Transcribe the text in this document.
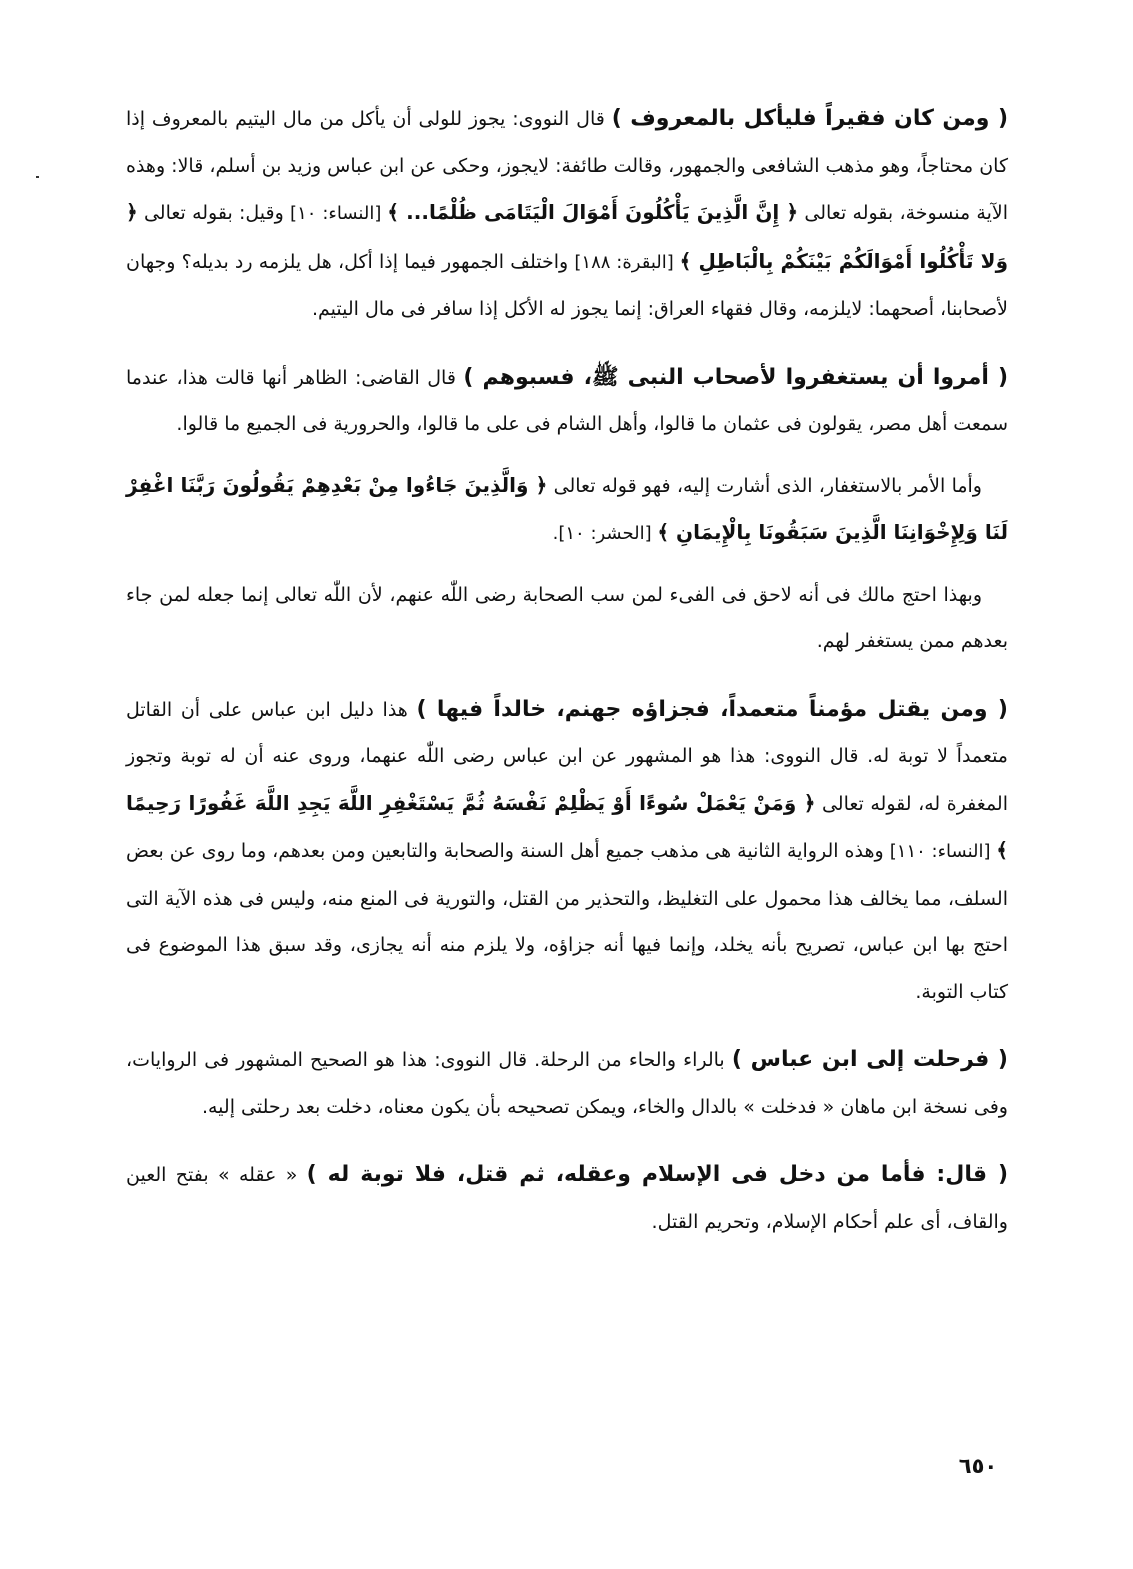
( ومن كان فقيراً فليأكل بالمعروف ) قال النووى: يجوز للولى أن يأكل من مال اليتيم بالمعروف إذا كان محتاجاً، وهو مذهب الشافعى والجمهور، وقالت طائفة: لايجوز، وحكى عن ابن عباس وزيد بن أسلم، قالا: وهذه الآية منسوخة، بقوله تعالى ﴿ إِنَّ الَّذِينَ يَأْكُلُونَ أَمْوَالَ الْيَتَامَى ظُلْمًا... ﴾ [النساء: ١٠] وقيل: بقوله تعالى ﴿ وَلا تَأْكُلُوا أَمْوَالَكُمْ بَيْنَكُمْ بِالْبَاطِلِ ﴾ [البقرة: ١٨٨] واختلف الجمهور فيما إذا أكل، هل يلزمه رد بديله؟ وجهان لأصحابنا، أصحهما: لايلزمه، وقال فقهاء العراق: إنما يجوز له الأكل إذا سافر فى مال اليتيم.

( أمروا أن يستغفروا لأصحاب النبى ﷺ، فسبوهم ) قال القاضى: الظاهر أنها قالت هذا، عندما سمعت أهل مصر، يقولون فى عثمان ما قالوا، وأهل الشام فى على ما قالوا، والحرورية فى الجميع ما قالوا.

وأما الأمر بالاستغفار، الذى أشارت إليه، فهو قوله تعالى ﴿ وَالَّذِينَ جَاءُوا مِنْ بَعْدِهِمْ يَقُولُونَ رَبَّنَا اغْفِرْ لَنَا وَلِإِخْوَانِنَا الَّذِينَ سَبَقُونَا بِالْإِيمَانِ ﴾ [الحشر: ١٠].

وبهذا احتج مالك فى أنه لاحق فى الفىء لمن سب الصحابة رضى اللّٰه عنهم، لأن اللّٰه تعالى إنما جعله لمن جاء بعدهم ممن يستغفر لهم.

( ومن يقتل مؤمناً متعمداً، فجزاؤه جهنم، خالداً فيها ) هذا دليل ابن عباس على أن القاتل متعمداً لا توبة له. قال النووى: هذا هو المشهور عن ابن عباس رضى اللّٰه عنهما، وروى عنه أن له توبة وتجوز المغفرة له، لقوله تعالى ﴿ وَمَنْ يَعْمَلْ سُوءًا أَوْ يَظْلِمْ نَفْسَهُ ثُمَّ يَسْتَغْفِرِ اللَّهَ يَجِدِ اللَّهَ غَفُورًا رَحِيمًا ﴾ [النساء: ١١٠] وهذه الرواية الثانية هى مذهب جميع أهل السنة والصحابة والتابعين ومن بعدهم، وما روى عن بعض السلف، مما يخالف هذا محمول على التغليظ، والتحذير من القتل، والتورية فى المنع منه، وليس فى هذه الآية التى احتج بها ابن عباس، تصريح بأنه يخلد، وإنما فيها أنه جزاؤه، ولا يلزم منه أنه يجازى، وقد سبق هذا الموضوع فى كتاب التوبة.

( فرحلت إلى ابن عباس ) بالراء والحاء من الرحلة. قال النووى: هذا هو الصحيح المشهور فى الروايات، وفى نسخة ابن ماهان « فدخلت » بالدال والخاء، ويمكن تصحيحه بأن يكون معناه، دخلت بعد رحلتى إليه.

( قال: فأما من دخل فى الإسلام وعقله، ثم قتل، فلا توبة له ) « عقله » بفتح العين والقاف، أى علم أحكام الإسلام، وتحريم القتل.

٦٥٠
